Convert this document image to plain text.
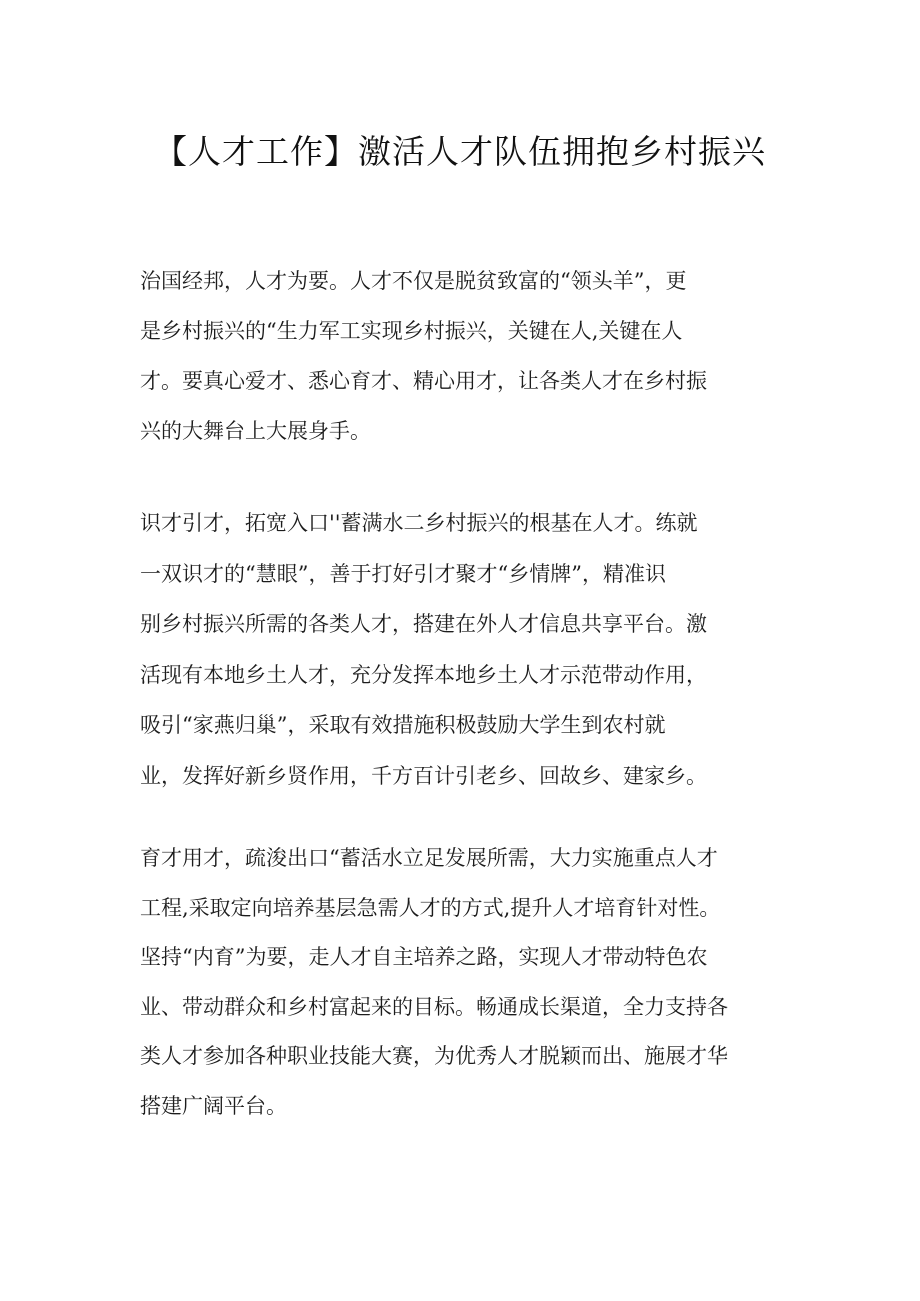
【人才工作】激活人才队伍拥抱乡村振兴
治国经邦，人才为要。人才不仅是脱贫致富的“领头羊”，更
是乡村振兴的“生力军工实现乡村振兴，关键在人,关键在人
才。要真心爱才、悉心育才、精心用才，让各类人才在乡村振
兴的大舞台上大展身手。
识才引才，拓宽入口''蓄满水二乡村振兴的根基在人才。练就
一双识才的“慧眼”，善于打好引才聚才“乡情牌”，精准识
别乡村振兴所需的各类人才，搭建在外人才信息共享平台。激
活现有本地乡土人才，充分发挥本地乡土人才示范带动作用，
吸引“家燕归巢”，采取有效措施积极鼓励大学生到农村就
业，发挥好新乡贤作用，千方百计引老乡、回故乡、建家乡。
育才用才，疏浚出口“蓄活水立足发展所需，大力实施重点人才
工程,采取定向培养基层急需人才的方式,提升人才培育针对性。
坚持“内育”为要，走人才自主培养之路，实现人才带动特色农
业、带动群众和乡村富起来的目标。畅通成长渠道，全力支持各
类人才参加各种职业技能大赛，为优秀人才脱颖而出、施展才华
搭建广阔平台。
